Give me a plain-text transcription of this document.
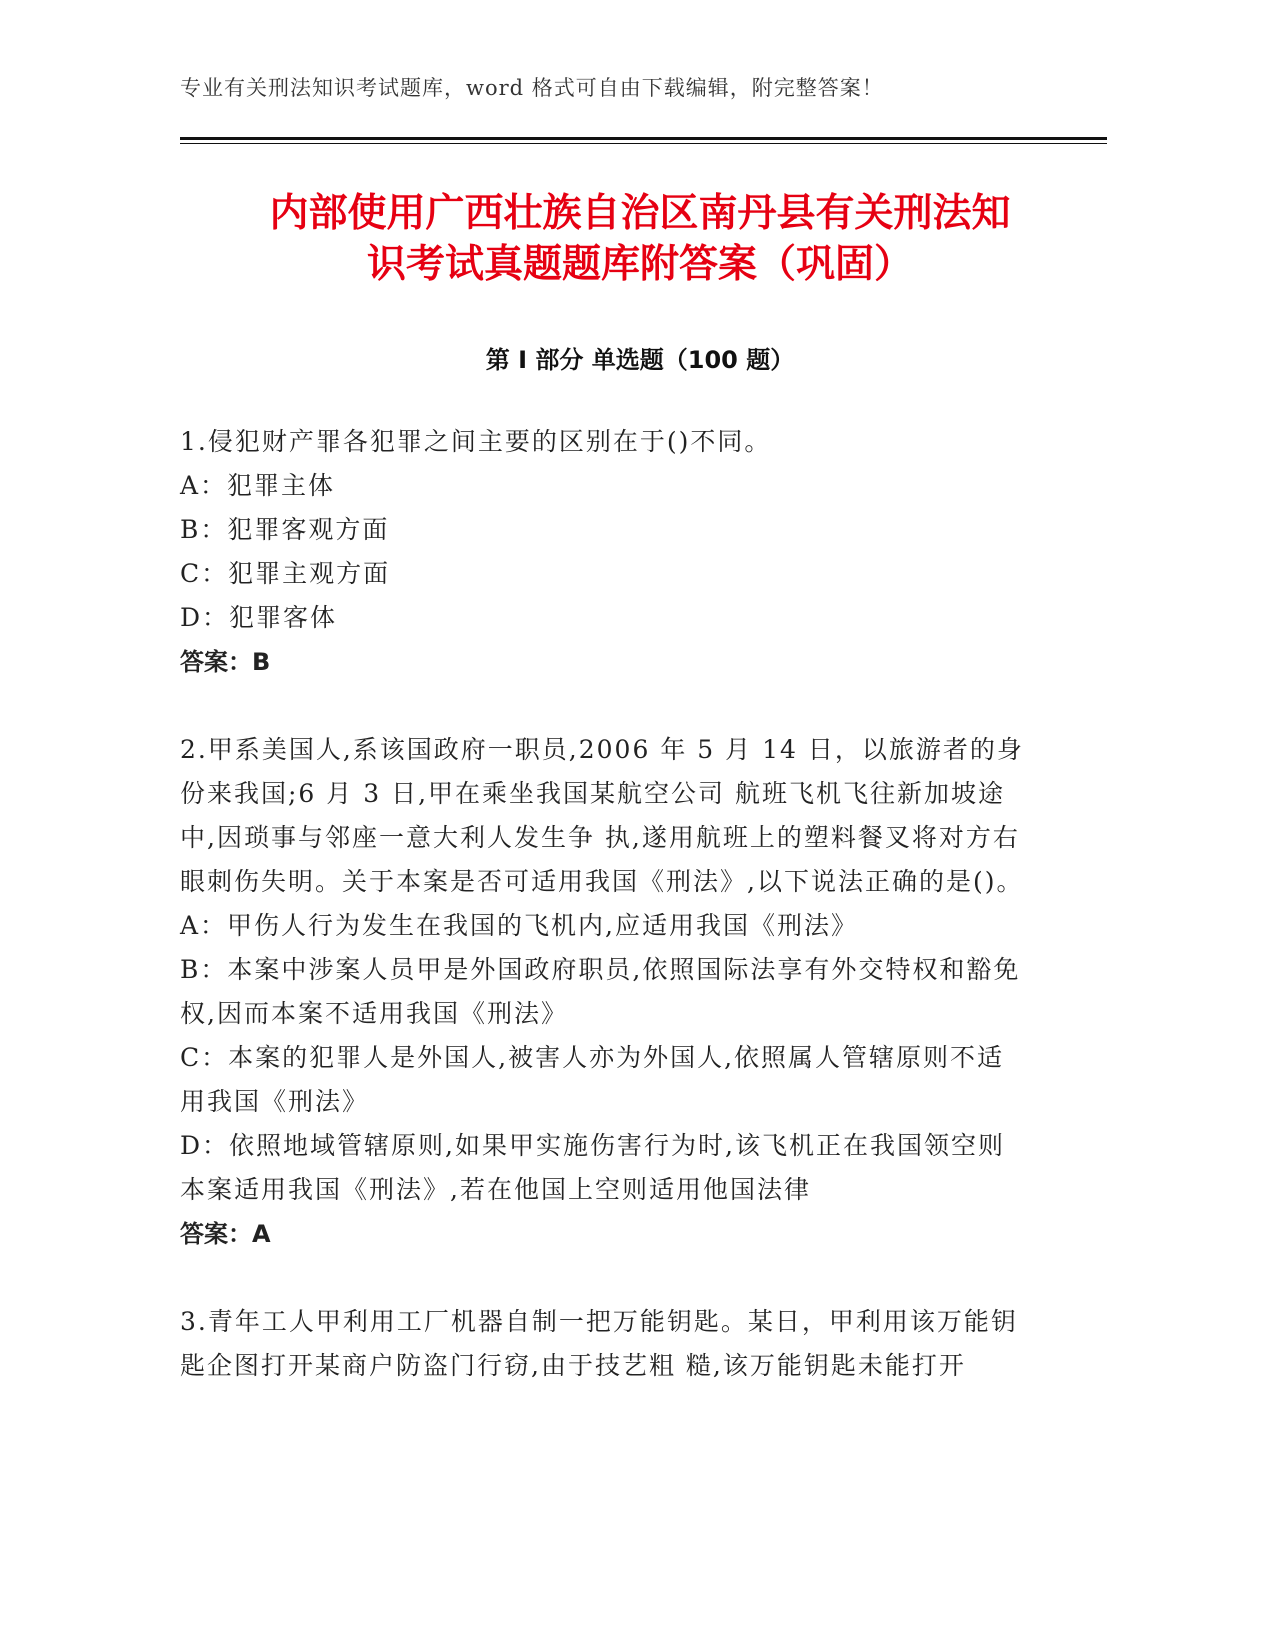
专业有关刑法知识考试题库，word 格式可自由下载编辑，附完整答案！
内部使用广西壮族自治区南丹县有关刑法知
识考试真题题库附答案（巩固）
第 I 部分 单选题（100 题）

1.侵犯财产罪各犯罪之间主要的区别在于()不同。

A：犯罪主体

B：犯罪客观方面

C：犯罪主观方面

D：犯罪客体

答案：B

2.甲系美国人,系该国政府一职员,2006 年 5 月 14 日，以旅游者的身份来我国;6 月 3 日,甲在乘坐我国某航空公司 航班飞机飞往新加坡途中,因琐事与邻座一意大利人发生争 执,遂用航班上的塑料餐叉将对方右眼刺伤失明。关于本案是否可适用我国《刑法》,以下说法正确的是()。

A：甲伤人行为发生在我国的飞机内,应适用我国《刑法》

B：本案中涉案人员甲是外国政府职员,依照国际法享有外交特权和豁免权,因而本案不适用我国《刑法》

C：本案的犯罪人是外国人,被害人亦为外国人,依照属人管辖原则不适用我国《刑法》

D：依照地域管辖原则,如果甲实施伤害行为时,该飞机正在我国领空则本案适用我国《刑法》,若在他国上空则适用他国法律

答案：A

3.青年工人甲利用工厂机器自制一把万能钥匙。某日，甲利用该万能钥匙企图打开某商户防盗门行窃,由于技艺粗 糙,该万能钥匙未能打开
